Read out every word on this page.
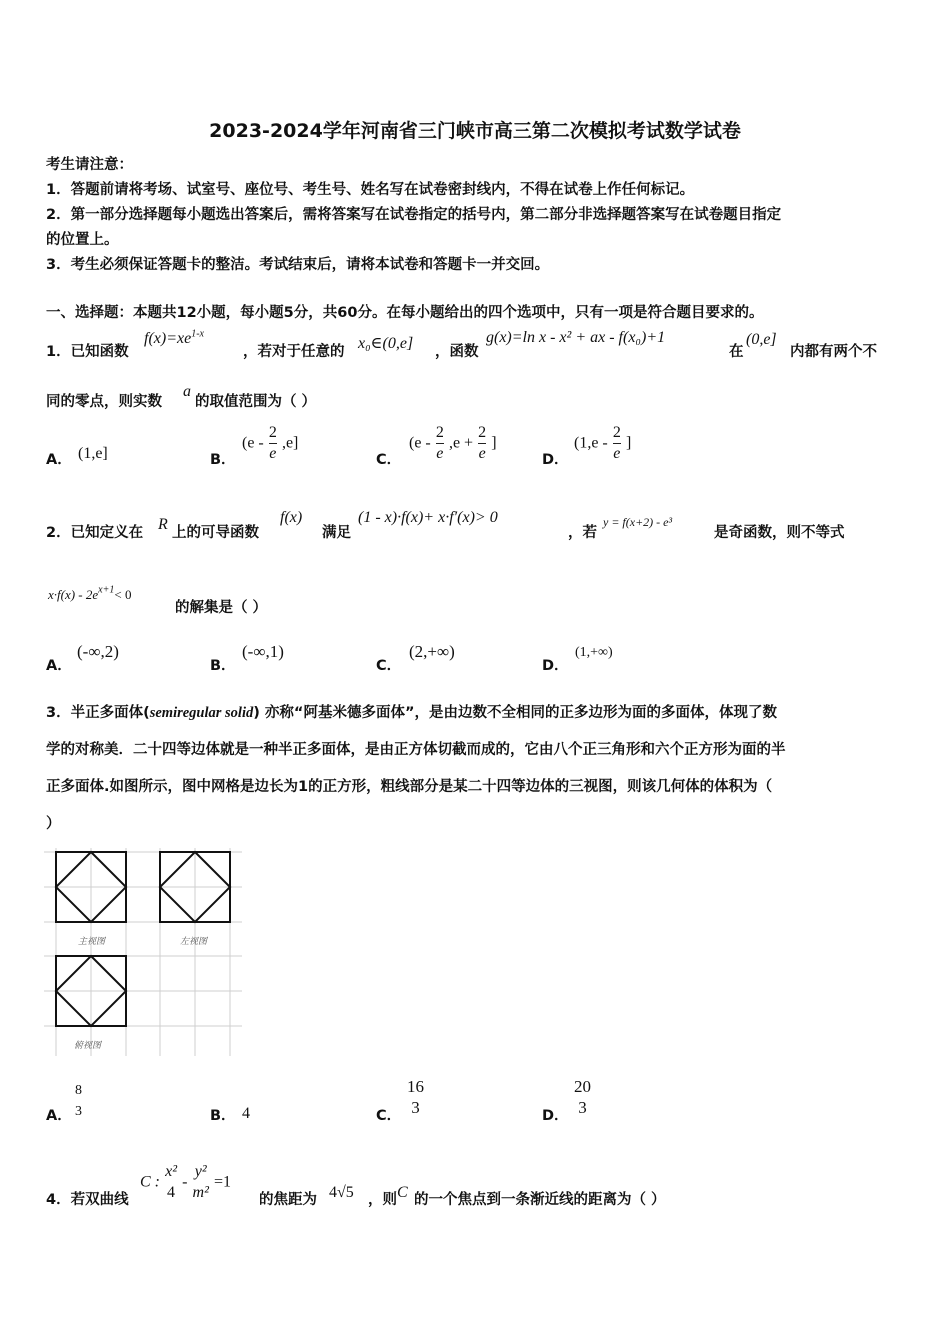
2023-2024学年河南省三门峡市高三第二次模拟考试数学试卷
考生请注意：
1．答题前请将考场、试室号、座位号、考生号、姓名写在试卷密封线内，不得在试卷上作任何标记。
2．第一部分选择题每小题选出答案后，需将答案写在试卷指定的括号内，第二部分非选择题答案写在试卷题目指定
的位置上。
3．考生必须保证答题卡的整洁。考试结束后，请将本试卷和答题卡一并交回。
一、选择题：本题共12小题，每小题5分，共60分。在每小题给出的四个选项中，只有一项是符合题目要求的。
1．已知函数
$f(x)=xe^{1-x}$
，若对于任意的 x₀∈(0,e] ，函数
g(x)=ln x - x² + ax - f(x₀)+1
在
(0,e]
内都有两个不
同的零点，则实数
a
的取值范围为（ ）
A． (1,e]	B．
$(e - \frac{2}{e} ,e]$
C．
($e - \frac{2}{e} ,e + \frac{2}{e}$ ]
D．
($1,e - \frac{2}{e}$ ]
2．已知定义在 R 上的可导函数
f(x)
满足
(1 - x)·f(x)+ x·f′(x)> 0
，若
y = f(x+2) - e³
是奇函数，则不等式
$x\cdot f(x) - 2e^{x+1}< 0$
的解集是（ ）
A．
(-∞,2)
B．
(-∞,1)
C．
(2,+∞)
D．
(1,+∞)
3．半正多面体(semiregular solid) 亦称“阿基米德多面体”，是由边数不全相同的正多边形为面的多面体，体现了数
学的对称美．二十四等边体就是一种半正多面体，是由正方体切截而成的，它由八个正三角形和六个正方形为面的半
正多面体.如图所示，图中网格是边长为1的正方形，粗线部分是某二十四等边体的三视图，则该几何体的体积为（
）
主视图	左视图
俯视图
A．
8
3	B． 4	C．
16
3	D．
20
3
4．若双曲线
C :
x²
4
-
y²
m²
=1
的焦距为 4√5 ，则 C 的一个焦点到一条渐近线的距离为（ ）
